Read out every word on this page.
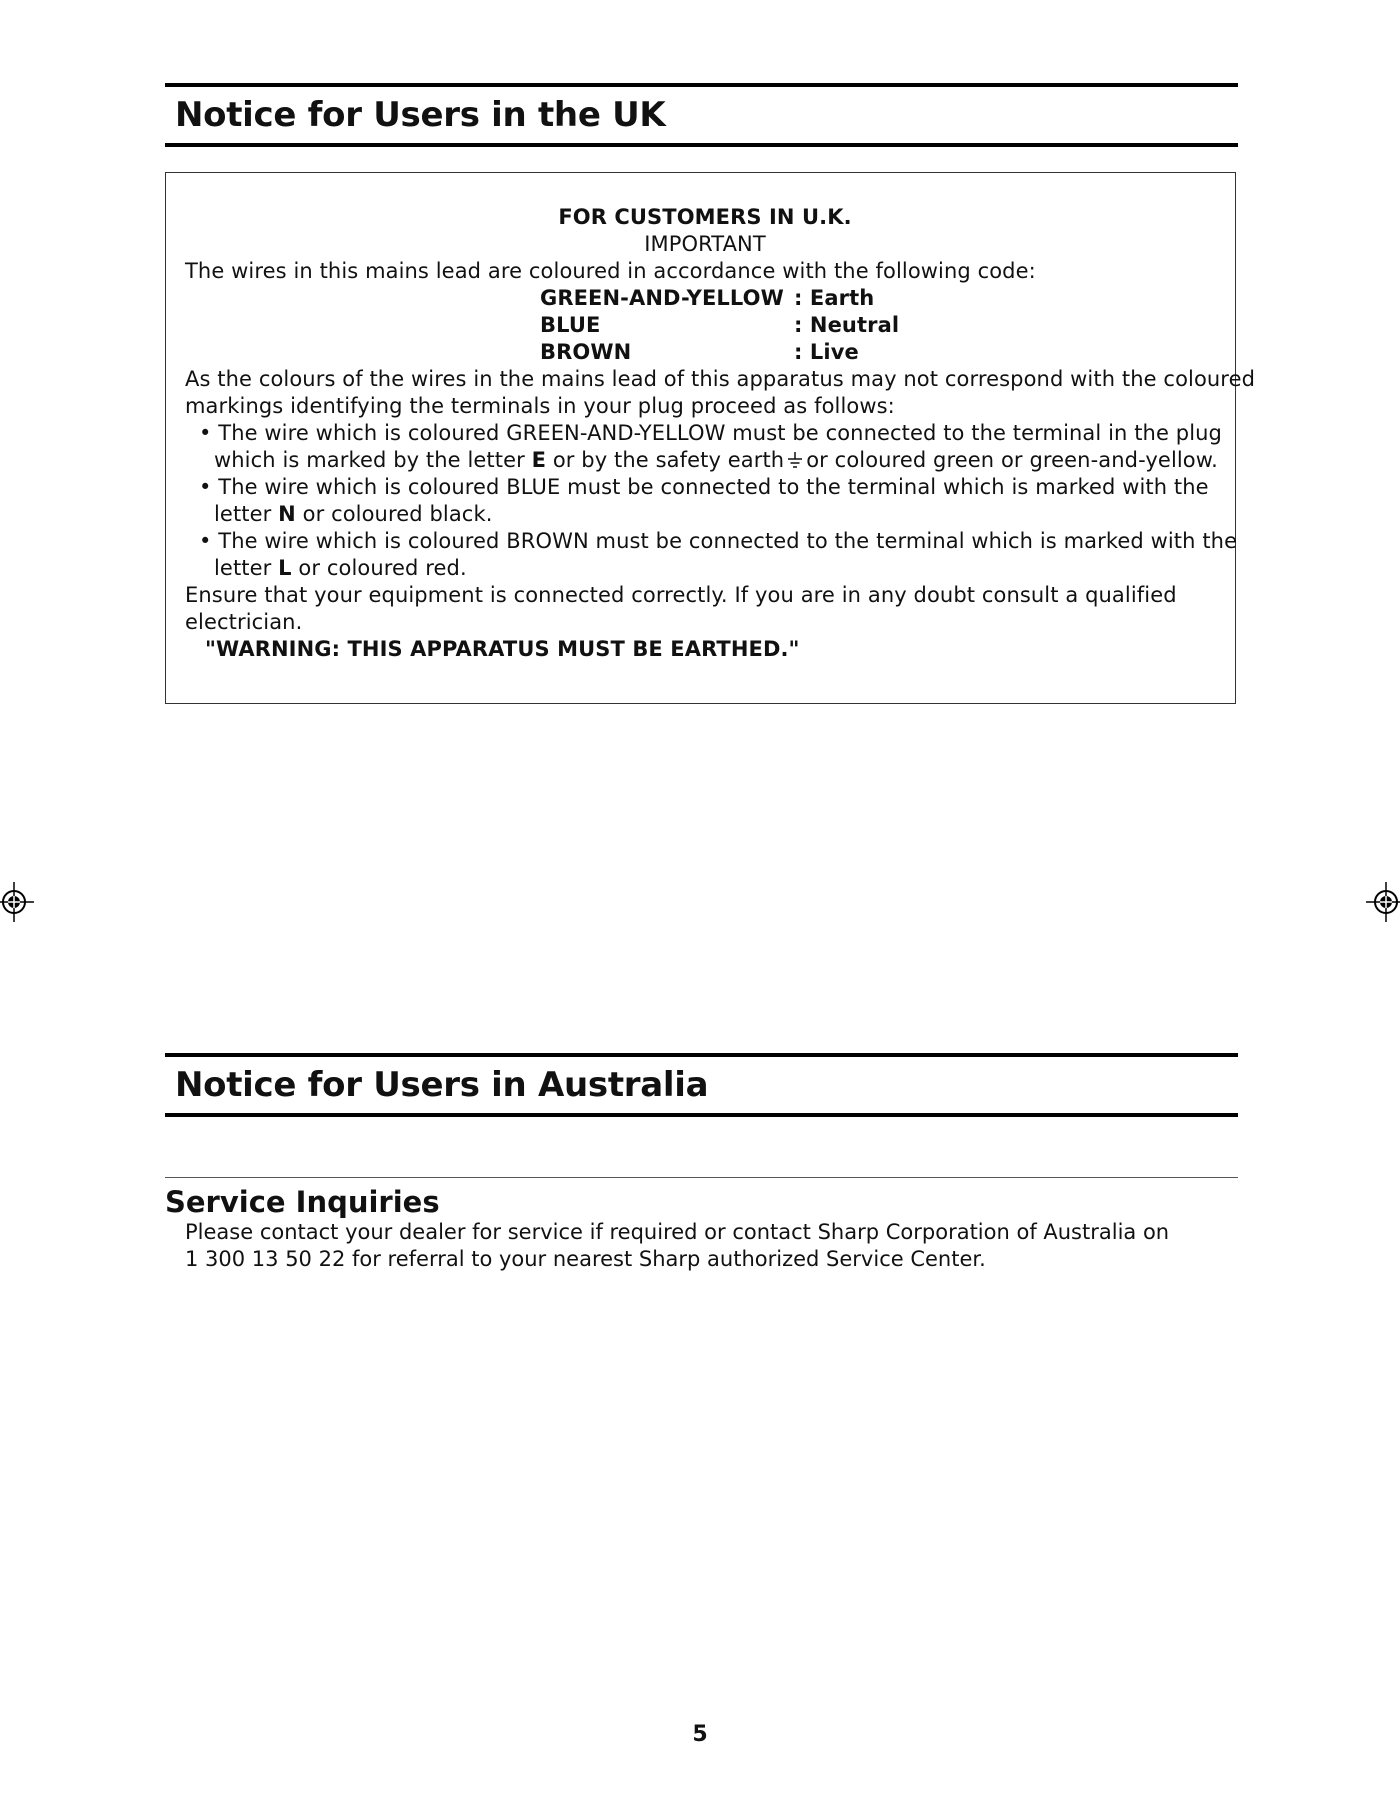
Notice for Users in the UK
FOR CUSTOMERS IN U.K.
IMPORTANT
The wires in this mains lead are coloured in accordance with the following code:
GREEN-AND-YELLOW : Earth
BLUE	: Neutral
BROWN	: Live
As the colours of the wires in the mains lead of this apparatus may not correspond with the coloured
markings identifying the terminals in your plug proceed as follows:
• The wire which is coloured GREEN-AND-YELLOW must be connected to the terminal in the plug
which is marked by the letter E or by the safety earth or coloured green or green-and-yellow.
• The wire which is coloured BLUE must be connected to the terminal which is marked with the
letter N or coloured black.
• The wire which is coloured BROWN must be connected to the terminal which is marked with the
letter L or coloured red.
Ensure that your equipment is connected correctly. If you are in any doubt consult a qualified
electrician.
"WARNING: THIS APPARATUS MUST BE EARTHED."
Notice for Users in Australia
Service Inquiries
Please contact your dealer for service if required or contact Sharp Corporation of Australia on
1 300 13 50 22 for referral to your nearest Sharp authorized Service Center.
5
